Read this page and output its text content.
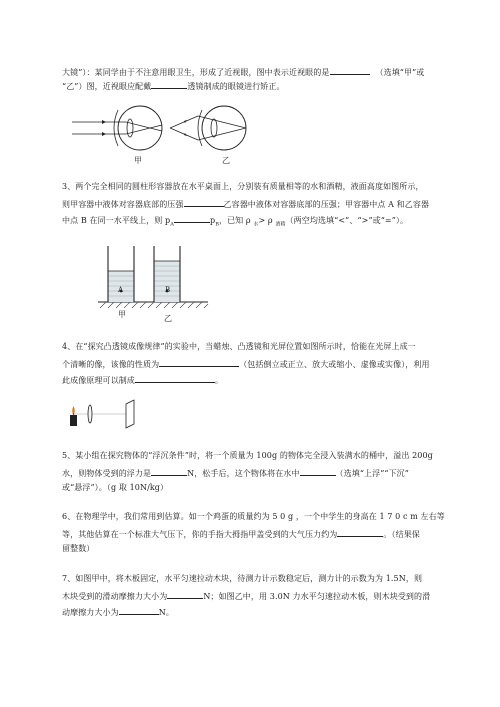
大镜”）：某同学由于不注意用眼卫生，形成了近视眼，图中表示近视眼的是	（选填“甲”或
“乙”）图，近视眼应配戴	透镜制成的眼镜进行矫正。
甲	乙
3、两个完全相同的圆柱形容器放在水平桌面上，分别装有质量相等的水和酒精，液面高度如图所示，
则甲容器中液体对容器底部的压强	乙容器中液体对容器底部的压强；甲容器中点 A 和乙容器
中点 B 在同一水平线上，则 $p_A$	$p_B$，已知 ρ $_水$> ρ $_{酒精}$（两空均选填“<”、“>”或“=”）。
A	B
甲	乙
4、在“探究凸透镜成像规律”的实验中，当蜡烛、凸透镜和光屏位置如图所示时，恰能在光屏上成一
个清晰的像，该像的性质为	（包括倒立或正立、放大或缩小、虚像或实像），利用
此成像原理可以制成	。
5、某小组在探究物体的“浮沉条件”时，将一个质量为 100g 的物体完全浸入装满水的桶中，溢出 200g
水，则物体受到的浮力是	N，松手后，这个物体将在水中	（选填“上浮”“下沉”
或“悬浮”）。（g 取 10N/kg）
6、在物理学中，我们常用到估算。如一个鸡蛋的质量约为 5 0 g ，一个中学生的身高在 1 7 0 c m 左右等
等，其他估算在一个标准大气压下，你的手指大拇指甲盖受到的大气压力约为	。（结果保
留整数）
7、如图甲中，将木板固定，水平匀速拉动木块，待测力计示数稳定后，测力计的示数为为 1.5N，则
木块受到的滑动摩擦力大小为	N；如图乙中，用 3.0N 力水平匀速拉动木板，则木块受到的滑
动摩擦力大小为	N。
